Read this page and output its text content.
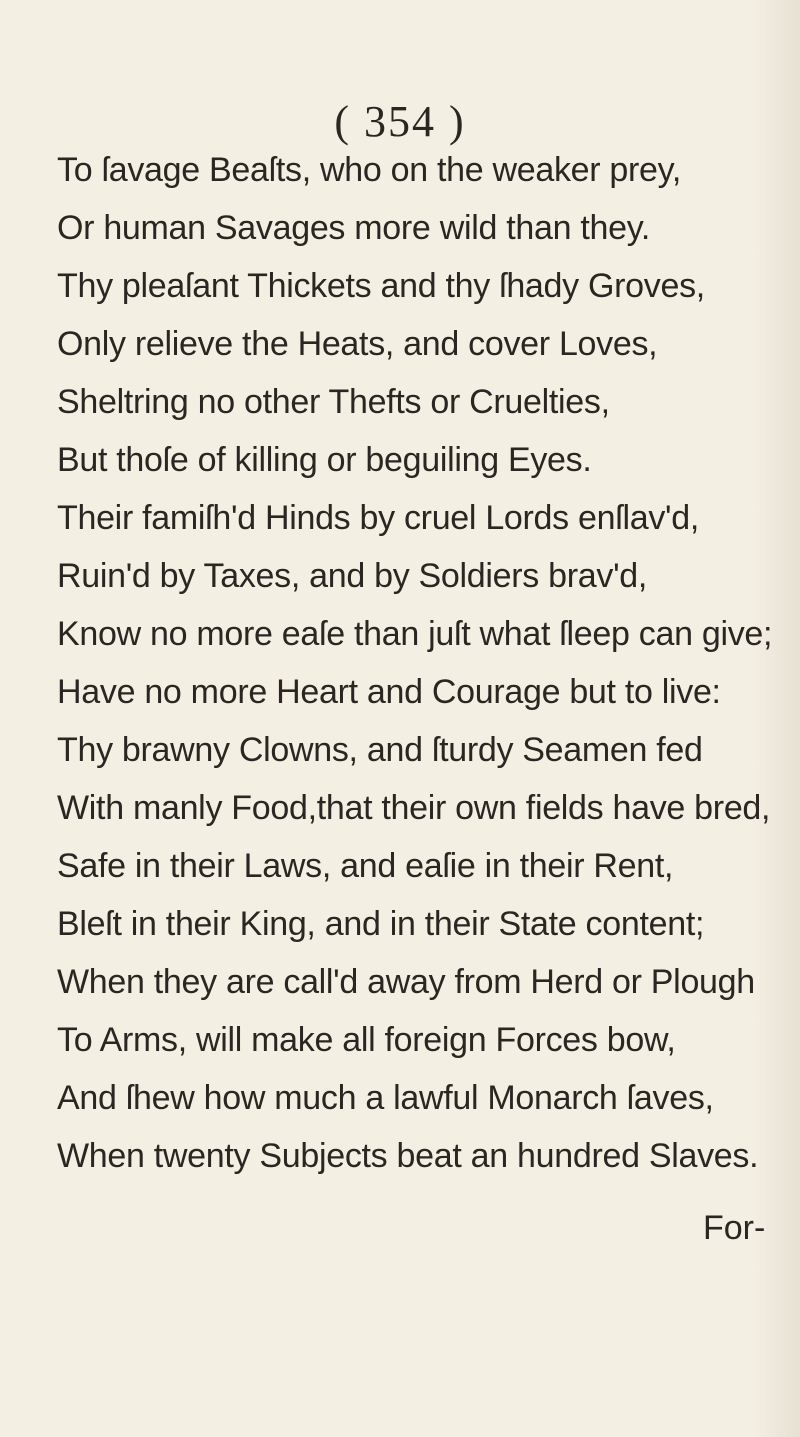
( 354 )
To ſavage Beaſts, who on the weaker prey,
Or human Savages more wild than they.
Thy pleaſant Thickets and thy ſhady Groves,
Only relieve the Heats, and cover Loves,
Sheltring no other Thefts or Cruelties,
But thoſe of killing or beguiling Eyes.
Their famiſh'd Hinds by cruel Lords enſlav'd,
Ruin'd by Taxes, and by Soldiers brav'd,
Know no more eaſe than juſt what ſleep can give;
Have no more Heart and Courage but to live:
Thy brawny Clowns, and ſturdy Seamen fed
With manly Food,that their own fields have bred,
Safe in their Laws, and eaſie in their Rent,
Bleſt in their King, and in their State content;
When they are call'd away from Herd or Plough
To Arms, will make all foreign Forces bow,
And ſhew how much a lawful Monarch ſaves,
When twenty Subjects beat an hundred Slaves.
For-
